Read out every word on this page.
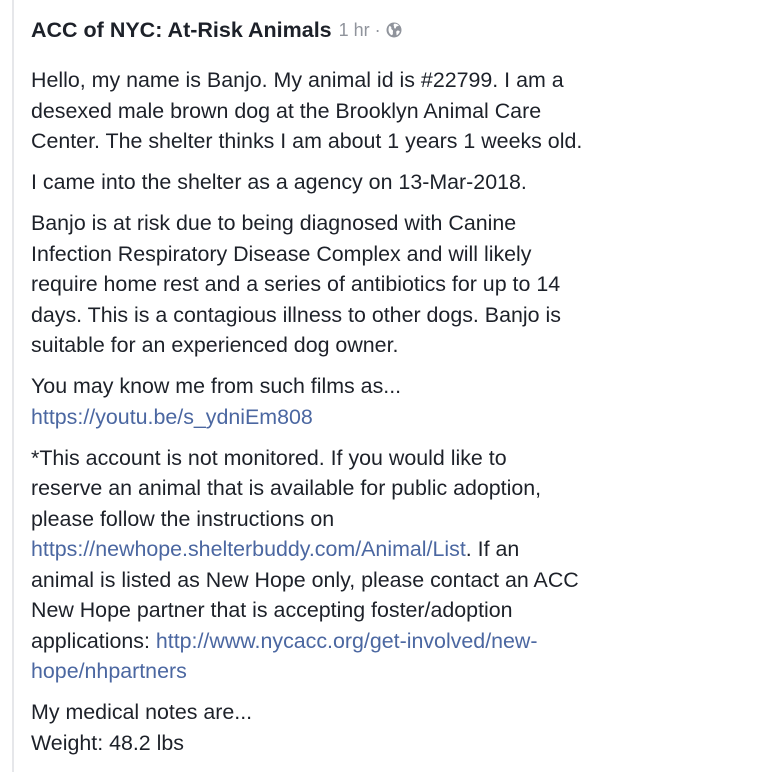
ACC of NYC: At-Risk Animals 1 hr ·

Hello, my name is Banjo. My animal id is #22799. I am a
desexed male brown dog at the Brooklyn Animal Care
Center. The shelter thinks I am about 1 years 1 weeks old.

I came into the shelter as a agency on 13-Mar-2018.

Banjo is at risk due to being diagnosed with Canine
Infection Respiratory Disease Complex and will likely
require home rest and a series of antibiotics for up to 14
days. This is a contagious illness to other dogs. Banjo is
suitable for an experienced dog owner.

You may know me from such films as...
https://youtu.be/s_ydniEm808

*This account is not monitored. If you would like to
reserve an animal that is available for public adoption,
please follow the instructions on
https://newhope.shelterbuddy.com/Animal/List. If an
animal is listed as New Hope only, please contact an ACC
New Hope partner that is accepting foster/adoption
applications: http://www.nycacc.org/get-involved/new-
hope/nhpartners

My medical notes are...
Weight: 48.2 lbs
